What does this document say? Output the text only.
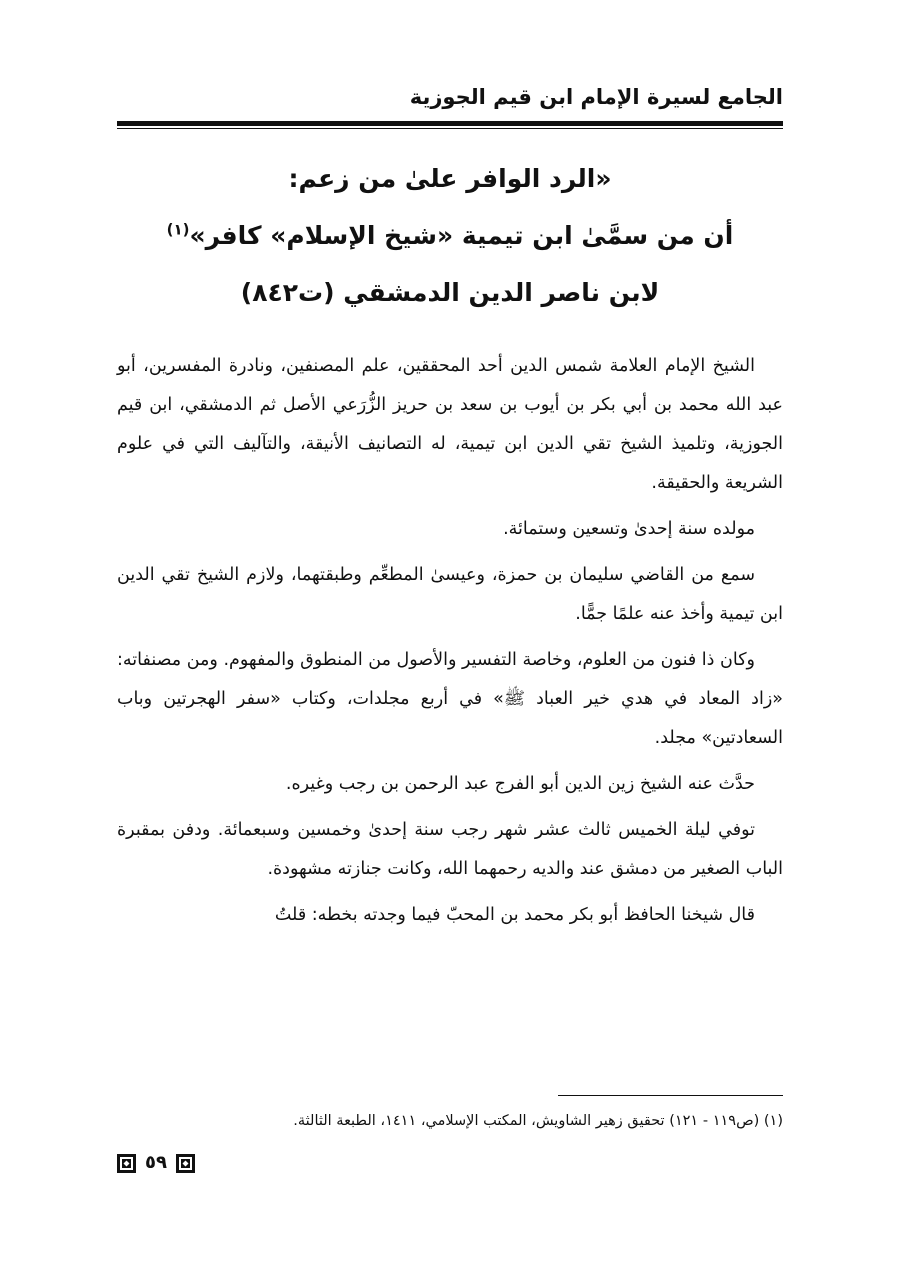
الجامع لسيرة الإمام ابن قيم الجوزية
«الرد الوافر علىٰ من زعم:
أن من سمَّىٰ ابن تيمية «شيخ الإسلام» كافر»$^{(١)}$
لابن ناصر الدين الدمشقي (ت٨٤٢)

الشيخ الإمام العلامة شمس الدين أحد المحققين، علم المصنفين، ونادرة المفسرين، أبو عبد الله محمد بن أبي بكر بن أيوب بن سعد بن حريز الزُّرَعي الأصل ثم الدمشقي، ابن قيم الجوزية، وتلميذ الشيخ تقي الدين ابن تيمية، له التصانيف الأنيقة، والتآليف التي في علوم الشريعة والحقيقة.

مولده سنة إحدىٰ وتسعين وستمائة.

سمع من القاضي سليمان بن حمزة، وعيسىٰ المطعِّم وطبقتهما، ولازم الشيخ تقي الدين ابن تيمية وأخذ عنه علمًا جمًّا.

وكان ذا فنون من العلوم، وخاصة التفسير والأصول من المنطوق والمفهوم. ومن مصنفاته: «زاد المعاد في هدي خير العباد ﷺ» في أربع مجلدات، وكتاب «سفر الهجرتين وباب السعادتين» مجلد.

حدَّث عنه الشيخ زين الدين أبو الفرج عبد الرحمن بن رجب وغيره.

توفي ليلة الخميس ثالث عشر شهر رجب سنة إحدىٰ وخمسين وسبعمائة. ودفن بمقبرة الباب الصغير من دمشق عند والديه رحمهما الله، وكانت جنازته مشهودة.

قال شيخنا الحافظ أبو بكر محمد بن المحبّ فيما وجدته بخطه: قلتُ

(١) (ص١١٩ - ١٢١) تحقيق زهير الشاويش، المكتب الإسلامي، ١٤١١، الطبعة الثالثة.
٥٩
